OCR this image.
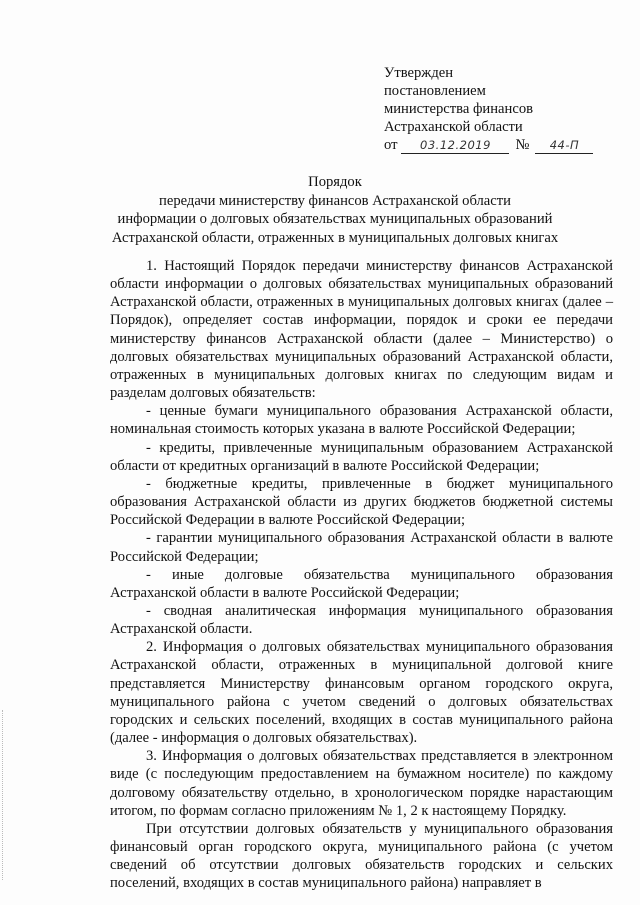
Утвержден
постановлением
министерства финансов
Астраханской области
от 03.12.2019 № 44-П
Порядок
передачи министерству финансов Астраханской области
информации о долговых обязательствах муниципальных образований
Астраханской области, отраженных в муниципальных долговых книгах

1. Настоящий Порядок передачи министерству финансов Астраханской области информации о долговых обязательствах муниципальных образований Астраханской области, отраженных в муниципальных долговых книгах (далее – Порядок), определяет состав информации, порядок и сроки ее передачи министерству финансов Астраханской области (далее – Министерство) о долговых обязательствах муниципальных образований Астраханской области, отраженных в муниципальных долговых книгах по следующим видам и разделам долговых обязательств:

- ценные бумаги муниципального образования Астраханской области, номинальная стоимость которых указана в валюте Российской Федерации;

- кредиты, привлеченные муниципальным образованием Астраханской области от кредитных организаций в валюте Российской Федерации;

- бюджетные кредиты, привлеченные в бюджет муниципального образования Астраханской области из других бюджетов бюджетной системы Российской Федерации в валюте Российской Федерации;

- гарантии муниципального образования Астраханской области в валюте Российской Федерации;

- иные долговые обязательства муниципального образования Астраханской области в валюте Российской Федерации;

- сводная аналитическая информация муниципального образования Астраханской области.

2. Информация о долговых обязательствах муниципального образования Астраханской области, отраженных в муниципальной долговой книге представляется Министерству финансовым органом городского округа, муниципального района с учетом сведений о долговых обязательствах городских и сельских поселений, входящих в состав муниципального района (далее - информация о долговых обязательствах).

3. Информация о долговых обязательствах представляется в электронном виде (с последующим предоставлением на бумажном носителе) по каждому долговому обязательству отдельно, в хронологическом порядке нарастающим итогом, по формам согласно приложениям № 1, 2 к настоящему Порядку.

При отсутствии долговых обязательств у муниципального образования финансовый орган городского округа, муниципального района (с учетом сведений об отсутствии долговых обязательств городских и сельских поселений, входящих в состав муниципального района) направляет в
